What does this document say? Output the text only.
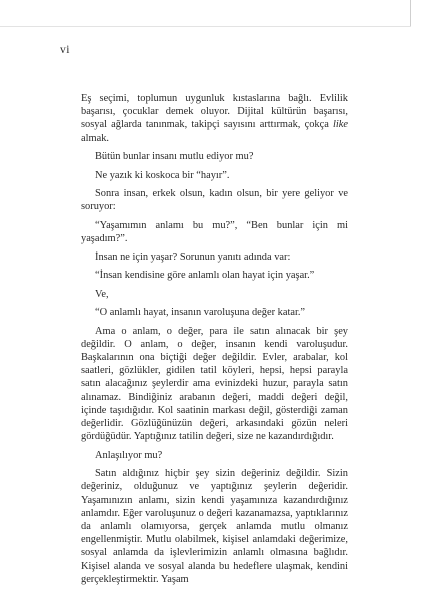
vi

Eş seçimi, toplumun uygunluk kıstaslarına bağlı. Evlilik başarısı, çocuklar demek oluyor. Dijital kültürün başarısı, sosyal ağlarda tanınmak, takipçi sayısını arttırmak, çokça like almak.

Bütün bunlar insanı mutlu ediyor mu?

Ne yazık ki koskoca bir “hayır”.

Sonra insan, erkek olsun, kadın olsun, bir yere geliyor ve soruyor:

“Yaşamımın anlamı bu mu?”, “Ben bunlar için mi yaşadım?”.

İnsan ne için yaşar? Sorunun yanıtı adında var:

“İnsan kendisine göre anlamlı olan hayat için yaşar.”

Ve,

“O anlamlı hayat, insanın varoluşuna değer katar.”

Ama o anlam, o değer, para ile satın alınacak bir şey değildir. O anlam, o değer, insanın kendi varoluşudur. Başkalarının ona biçtiği değer değildir. Evler, arabalar, kol saatleri, gözlükler, gidilen tatil köyleri, hepsi, hepsi parayla satın alacağınız şeylerdir ama evinizdeki huzur, parayla satın alınamaz. Bindiğiniz arabanın değeri, maddi değeri değil, içinde taşıdığıdır. Kol saatinin markası değil, gösterdiği zaman değerlidir. Gözlüğünüzün değeri, arkasındaki gözün neleri gördüğüdür. Yaptığınız tatilin değeri, size ne kazandırdığıdır.

Anlaşılıyor mu?

Satın aldığınız hiçbir şey sizin değeriniz değildir. Sizin değeriniz, olduğunuz ve yaptığınız şeylerin değeridir. Yaşamınızın anlamı, sizin kendi yaşamınıza kazandırdığınız anlamdır. Eğer varoluşunuz o değeri kazanamazsa, yaptıklarınız da anlamlı olamıyorsa, gerçek anlamda mutlu olmanız engellenmiştir. Mutlu olabilmek, kişisel anlamdaki değerimize, sosyal anlamda da işlevlerimizin anlamlı olmasına bağlıdır. Kişisel alanda ve sosyal alanda bu hedeflere ulaşmak, kendini gerçekleştirmektir. Yaşam
